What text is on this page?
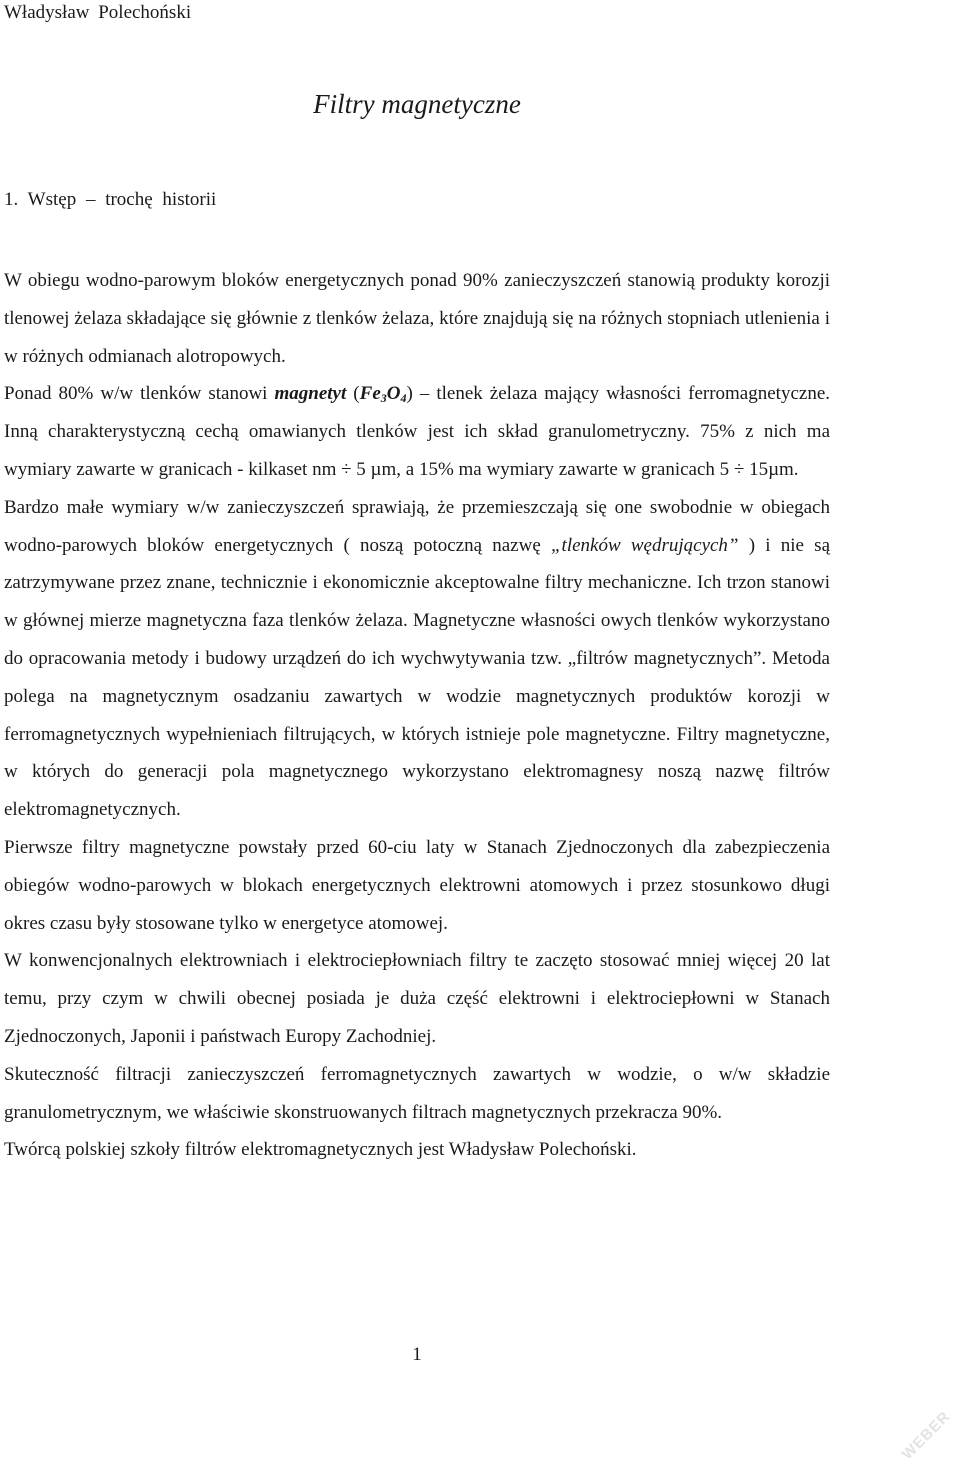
Władysław Polechoński
Filtry magnetyczne
1. Wstęp – trochę historii

W obiegu wodno-parowym bloków energetycznych ponad 90% zanieczyszczeń stanowią produkty korozji tlenowej żelaza składające się głównie z tlenków żelaza, które znajdują się na różnych stopniach utlenienia i w różnych odmianach alotropowych.

Ponad 80% w/w tlenków stanowi magnetyt $(Fe_3O_4)$ – tlenek żelaza mający własności ferromagnetyczne. Inną charakterystyczną cechą omawianych tlenków jest ich skład granulometryczny. 75% z nich ma wymiary zawarte w granicach - kilkaset nm ÷ 5 µm, a 15% ma wymiary zawarte w granicach 5 ÷ 15µm.

Bardzo małe wymiary w/w zanieczyszczeń sprawiają, że przemieszczają się one swobodnie w obiegach wodno-parowych bloków energetycznych ( noszą potoczną nazwę „tlenków wędrujących” ) i nie są zatrzymywane przez znane, technicznie i ekonomicznie akceptowalne filtry mechaniczne. Ich trzon stanowi w głównej mierze magnetyczna faza tlenków żelaza. Magnetyczne własności owych tlenków wykorzystano do opracowania metody i budowy urządzeń do ich wychwytywania tzw. „filtrów magnetycznych”. Metoda polega na magnetycznym osadzaniu zawartych w wodzie magnetycznych produktów korozji w ferromagnetycznych wypełnieniach filtrujących, w których istnieje pole magnetyczne. Filtry magnetyczne, w których do generacji pola magnetycznego wykorzystano elektromagnesy noszą nazwę filtrów elektromagnetycznych.

Pierwsze filtry magnetyczne powstały przed 60-ciu laty w Stanach Zjednoczonych dla zabezpieczenia obiegów wodno-parowych w blokach energetycznych elektrowni atomowych i przez stosunkowo długi okres czasu były stosowane tylko w energetyce atomowej.

W konwencjonalnych elektrowniach i elektrociepłowniach filtry te zaczęto stosować mniej więcej 20 lat temu, przy czym w chwili obecnej posiada je duża część elektrowni i elektrociepłowni w Stanach Zjednoczonych, Japonii i państwach Europy Zachodniej.

Skuteczność filtracji zanieczyszczeń ferromagnetycznych zawartych w wodzie, o w/w składzie granulometrycznym, we właściwie skonstruowanych filtrach magnetycznych przekracza 90%.

Twórcą polskiej szkoły filtrów elektromagnetycznych jest Władysław Polechoński.

1
WEBER
